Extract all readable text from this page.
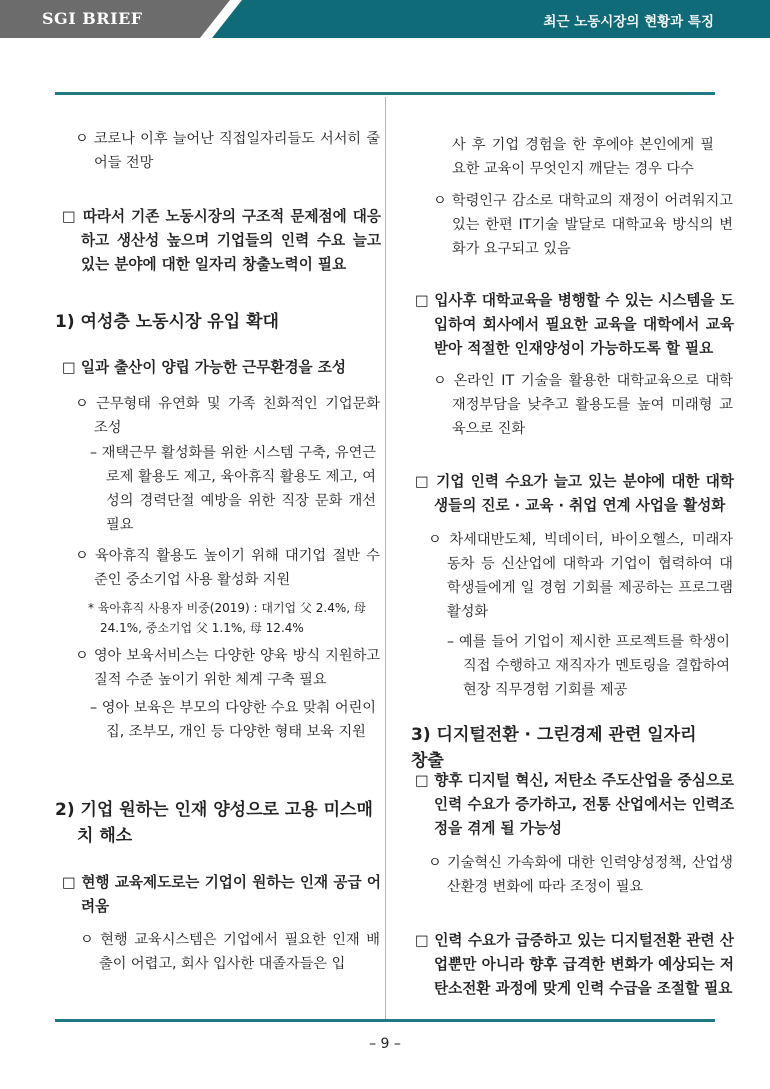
SGI BRIEF	최근 노동시장의 현황과 특징

ㅇ 코로나 이후 늘어난 직접일자리들도 서서히 줄어들 전망

□ 따라서 기존 노동시장의 구조적 문제점에 대응하고 생산성 높으며 기업들의 인력 수요 늘고 있는 분야에 대한 일자리 창출노력이 필요

1) 여성층 노동시장 유입 확대

□ 일과 출산이 양립 가능한 근무환경을 조성

ㅇ 근무형태 유연화 및 가족 친화적인 기업문화 조성

– 재택근무 활성화를 위한 시스템 구축, 유연근로제 활용도 제고, 육아휴직 활용도 제고, 여성의 경력단절 예방을 위한 직장 문화 개선 필요

ㅇ 육아휴직 활용도 높이기 위해 대기업 절반 수준인 중소기업 사용 활성화 지원

* 육아휴직 사용자 비중(2019) : 대기업 父 2.4%, 母 24.1%, 중소기업 父 1.1%, 母 12.4%

ㅇ 영아 보육서비스는 다양한 양육 방식 지원하고 질적 수준 높이기 위한 체계 구축 필요

– 영아 보육은 부모의 다양한 수요 맞춰 어린이집, 조부모, 개인 등 다양한 형태 보육 지원

2) 기업 원하는 인재 양성으로 고용 미스매치 해소

□ 현행 교육제도로는 기업이 원하는 인재 공급 어려움

ㅇ 현행 교육시스템은 기업에서 필요한 인재 배출이 어렵고, 회사 입사한 대졸자들은 입

사 후 기업 경험을 한 후에야 본인에게 필요한 교육이 무엇인지 깨닫는 경우 다수

ㅇ 학령인구 감소로 대학교의 재정이 어려워지고 있는 한편 IT기술 발달로 대학교육 방식의 변화가 요구되고 있음

□ 입사후 대학교육을 병행할 수 있는 시스템을 도입하여 회사에서 필요한 교육을 대학에서 교육받아 적절한 인재양성이 가능하도록 할 필요

ㅇ 온라인 IT 기술을 활용한 대학교육으로 대학 재정부담을 낮추고 활용도를 높여 미래형 교육으로 진화

□ 기업 인력 수요가 늘고 있는 분야에 대한 대학생들의 진로 · 교육 · 취업 연계 사업을 활성화

ㅇ 차세대반도체, 빅데이터, 바이오헬스, 미래자동차 등 신산업에 대학과 기업이 협력하여 대학생들에게 일 경험 기회를 제공하는 프로그램 활성화

– 예를 들어 기업이 제시한 프로젝트를 학생이 직접 수행하고 재직자가 멘토링을 결합하여 현장 직무경험 기회를 제공

3) 디지털전환 · 그린경제 관련 일자리 창출

□ 향후 디지털 혁신, 저탄소 주도산업을 중심으로 인력 수요가 증가하고, 전통 산업에서는 인력조정을 겪게 될 가능성

ㅇ 기술혁신 가속화에 대한 인력양성정책, 산업생산환경 변화에 따라 조정이 필요

□ 인력 수요가 급증하고 있는 디지털전환 관련 산업뿐만 아니라 향후 급격한 변화가 예상되는 저탄소전환 과정에 맞게 인력 수급을 조절할 필요

– 9 –
